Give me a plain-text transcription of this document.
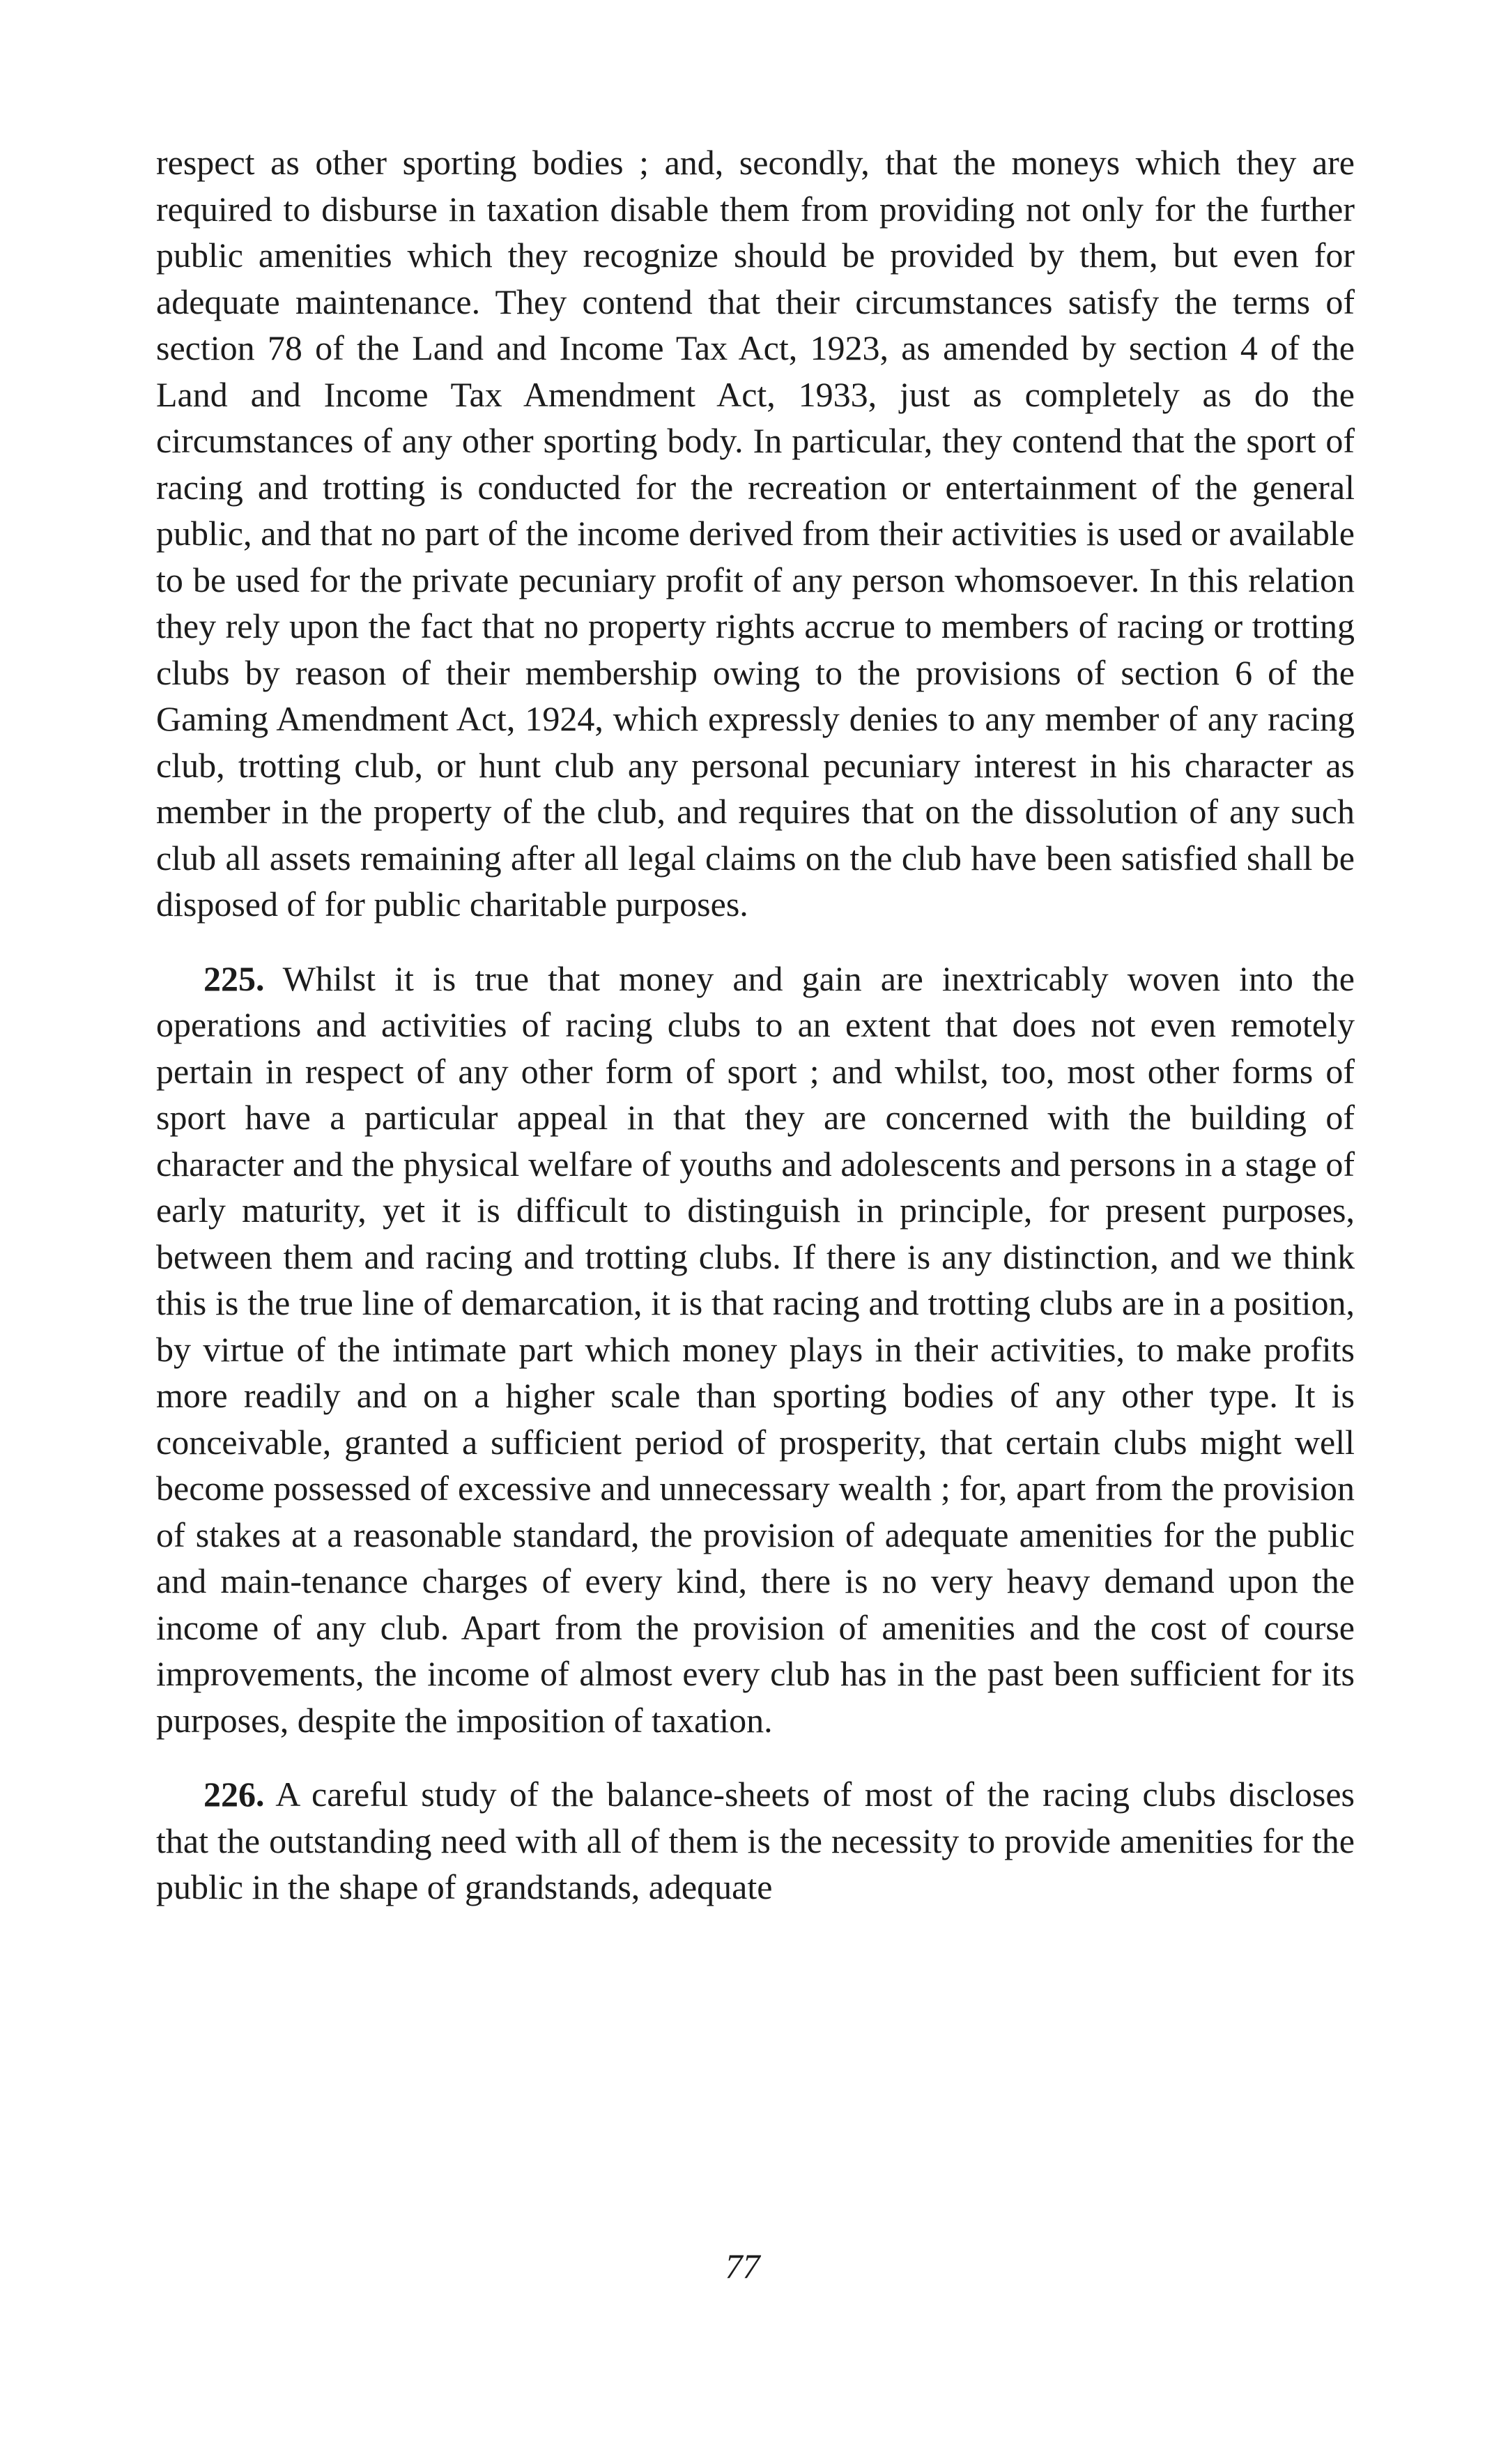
respect as other sporting bodies ; and, secondly, that the moneys which they are required to disburse in taxation disable them from providing not only for the further public amenities which they recognize should be provided by them, but even for adequate maintenance. They contend that their circumstances satisfy the terms of section 78 of the Land and Income Tax Act, 1923, as amended by section 4 of the Land and Income Tax Amendment Act, 1933, just as completely as do the circumstances of any other sporting body. In particular, they contend that the sport of racing and trotting is conducted for the recreation or entertainment of the general public, and that no part of the income derived from their activities is used or available to be used for the private pecuniary profit of any person whomsoever. In this relation they rely upon the fact that no property rights accrue to members of racing or trotting clubs by reason of their membership owing to the provisions of section 6 of the Gaming Amendment Act, 1924, which expressly denies to any member of any racing club, trotting club, or hunt club any personal pecuniary interest in his character as member in the property of the club, and requires that on the dissolution of any such club all assets remaining after all legal claims on the club have been satisfied shall be disposed of for public charitable purposes.

225. Whilst it is true that money and gain are inextricably woven into the operations and activities of racing clubs to an extent that does not even remotely pertain in respect of any other form of sport ; and whilst, too, most other forms of sport have a particular appeal in that they are concerned with the building of character and the physical welfare of youths and adolescents and persons in a stage of early maturity, yet it is difficult to distinguish in principle, for present purposes, between them and racing and trotting clubs. If there is any distinction, and we think this is the true line of demarcation, it is that racing and trotting clubs are in a position, by virtue of the intimate part which money plays in their activities, to make profits more readily and on a higher scale than sporting bodies of any other type. It is conceivable, granted a sufficient period of prosperity, that certain clubs might well become possessed of excessive and unnecessary wealth ; for, apart from the provision of stakes at a reasonable standard, the provision of adequate amenities for the public and main-tenance charges of every kind, there is no very heavy demand upon the income of any club. Apart from the provision of amenities and the cost of course improvements, the income of almost every club has in the past been sufficient for its purposes, despite the imposition of taxation.

226. A careful study of the balance-sheets of most of the racing clubs discloses that the outstanding need with all of them is the necessity to provide amenities for the public in the shape of grandstands, adequate

77
